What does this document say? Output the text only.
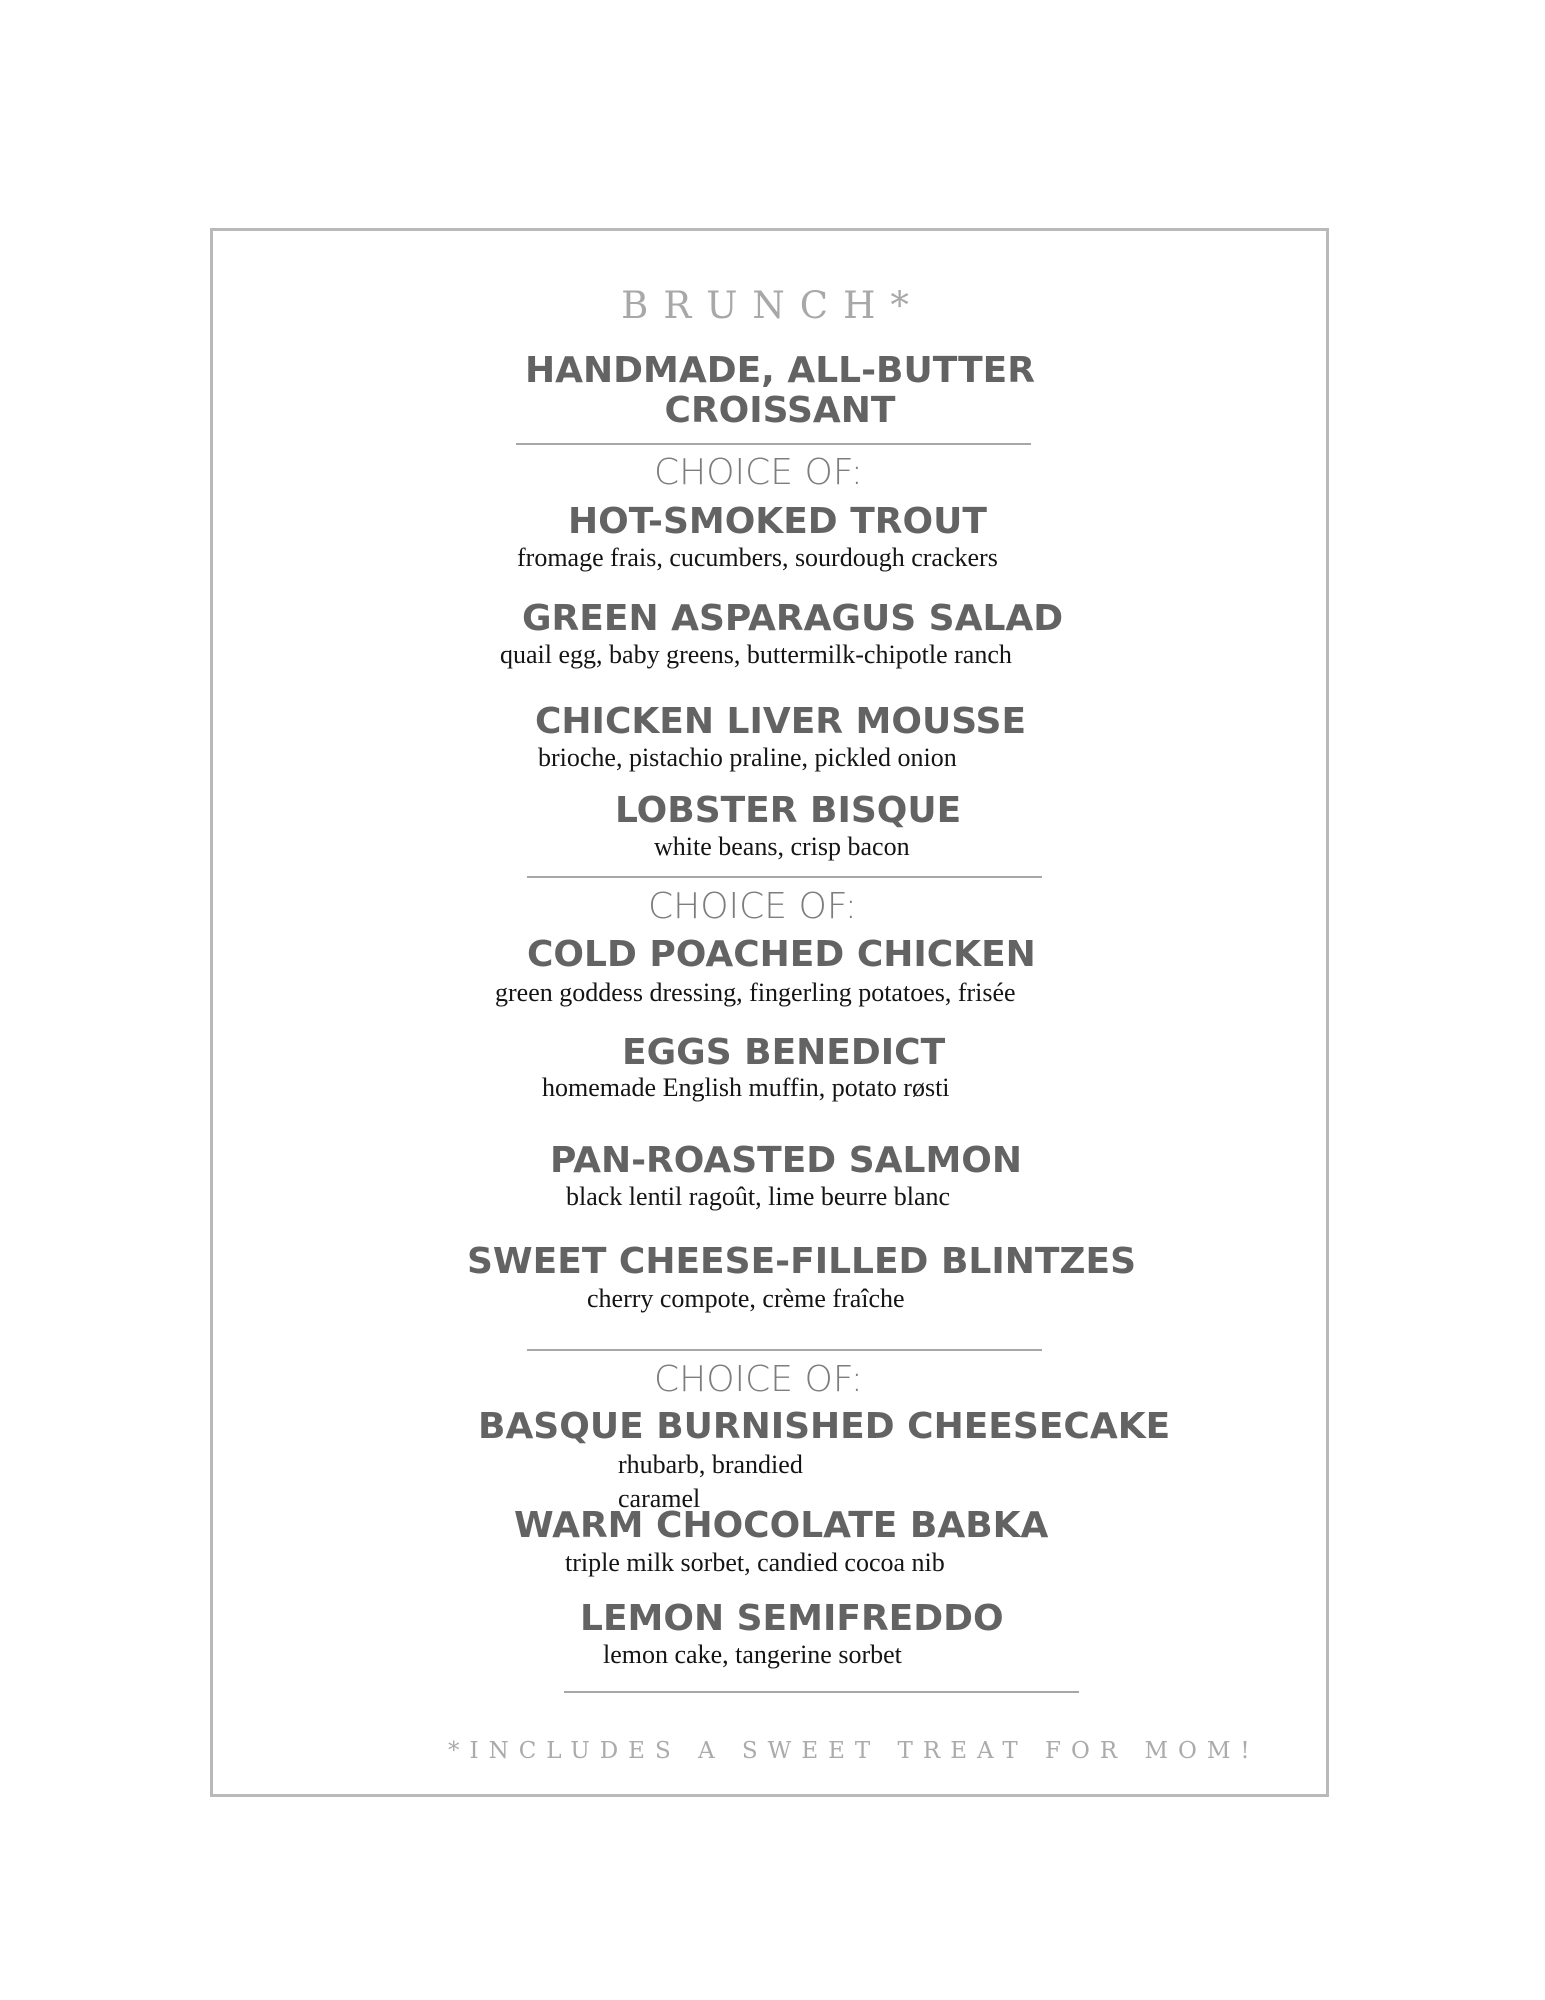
BRUNCH*
HANDMADE, ALL-BUTTER CROISSANT
CHOICE OF:
HOT-SMOKED TROUT
fromage frais, cucumbers, sourdough crackers
GREEN ASPARAGUS SALAD
quail egg, baby greens, buttermilk-chipotle ranch
CHICKEN LIVER MOUSSE
brioche, pistachio praline, pickled onion
LOBSTER BISQUE
white beans, crisp bacon
CHOICE OF:
COLD POACHED CHICKEN
green goddess dressing, fingerling potatoes, frisée
EGGS BENEDICT
homemade English muffin, potato røsti
PAN-ROASTED SALMON
black lentil ragoût, lime beurre blanc
SWEET CHEESE-FILLED BLINTZES
cherry compote, crème fraîche
CHOICE OF:
BASQUE BURNISHED CHEESECAKE
rhubarb, brandied caramel
WARM CHOCOLATE BABKA
triple milk sorbet, candied cocoa nib
LEMON SEMIFREDDO
lemon cake, tangerine sorbet
*INCLUDES A SWEET TREAT FOR MOM!
